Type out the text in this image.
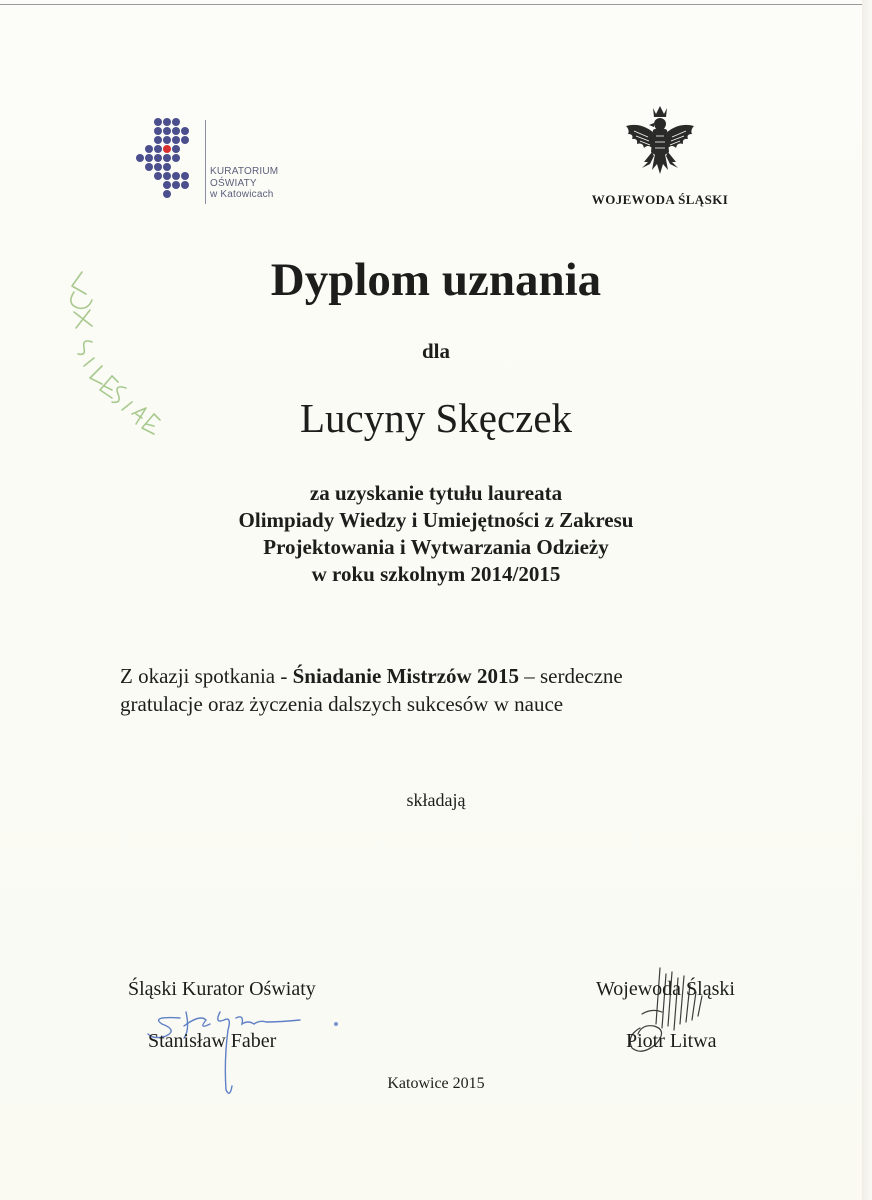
KURATORIUM
OŚWIATY
w Katowicach	WOJEWODA ŚLĄSKI
Dyplom uznania
dla
Lucyny Skęczek
za uzyskanie tytułu laureata
Olimpiady Wiedzy i Umiejętności z Zakresu
Projektowania i Wytwarzania Odzieży
w roku szkolnym 2014/2015
Z okazji spotkania - Śniadanie Mistrzów 2015 – serdeczne
gratulacje oraz życzenia dalszych sukcesów w nauce
składają
Śląski Kurator Oświaty
Stanisław Faber
Wojewoda Śląski
Piotr Litwa
Katowice 2015
